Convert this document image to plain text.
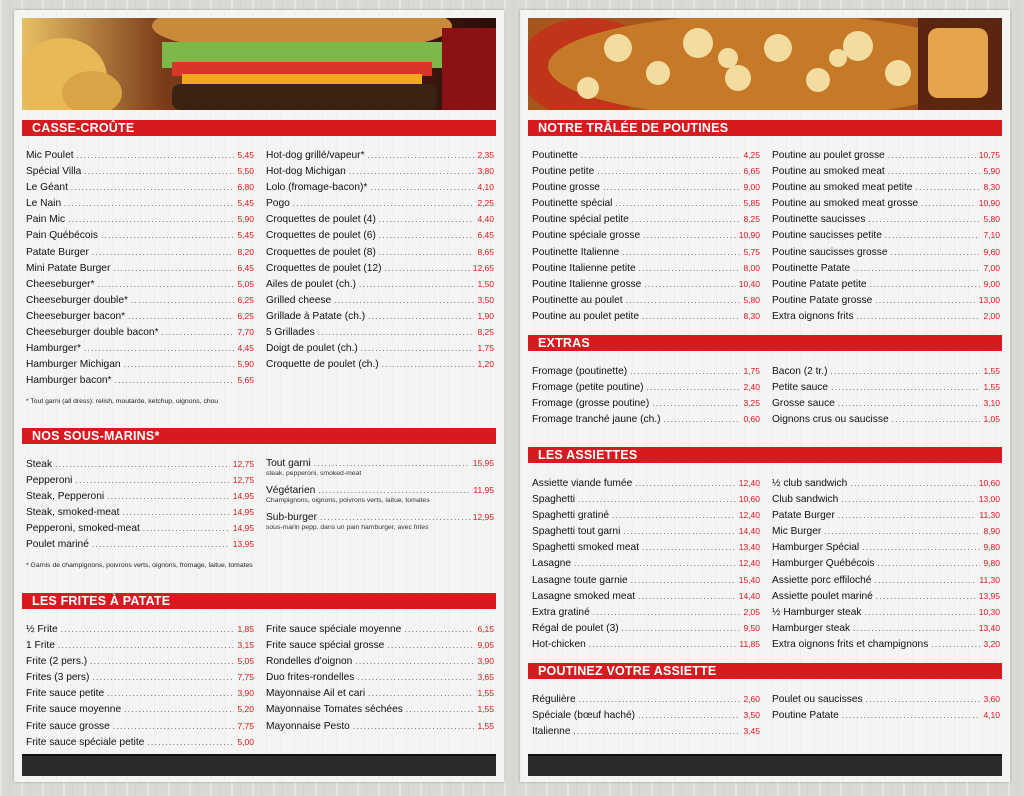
CASSE-CROÛTE
Mic Poulet .....	5,45
Spécial Villa .....	5,50
Le Géant .....	6,80
Le Nain .....	5,45
Pain Mic .....	5,90
Pain Québécois .....	5,45
Patate Burger .....	8,20
Mini Patate Burger .....	6,45
Cheeseburger* .....	5,05
Cheeseburger double* .....	6,25
Cheeseburger bacon* .....	6,25
Cheeseburger double bacon* .....	7,70
Hamburger* .....	4,45
Hamburger Michigan .....	5,90
Hamburger bacon* .....	5,65
Hot-dog grillé/vapeur* .....	2,35
Hot-dog Michigan .....	3,80
Lolo (fromage-bacon)* .....	4,10
Pogo .....	2,25
Croquettes de poulet (4) .....	4,40
Croquettes de poulet (6) .....	6,45
Croquettes de poulet (8) .....	8,65
Croquettes de poulet (12) .....	12,65
Ailes de poulet (ch.) .....	1,50
Grilled cheese .....	3,50
Grillade à Patate (ch.) .....	1,90
5 Grillades .....	8,25
Doigt de poulet (ch.) .....	1,75
Croquette de poulet (ch.) .....	1,20
* Tout garni (all dress): relish, moutarde, ketchup, oignons, chou
NOS SOUS-MARINS*
Steak .....	12,75
Pepperoni .....	12,75
Steak, Pepperoni .....	14,95
Steak, smoked-meat .....	14,95
Pepperoni, smoked-meat .....	14,95
Poulet mariné .....	13,95
Tout garni .....	15,95
steak, pepperoni, smoked-meat
Végétarien .....	11,95
Champignons, oignons, poivrons verts, laitue, tomates
Sub-burger .....	12,95
sous-marin pepp. dans un pain hamburger, avec frites
* Garnis de champignons, poivrons verts, oignons, fromage, laitue, tomates
LES FRITES À PATATE
½ Frite .....	1,85
1 Frite .....	3,15
Frite (2 pers.) .....	5,05
Frites (3 pers) .....	7,75
Frite sauce petite .....	3,90
Frite sauce moyenne .....	5,20
Frite sauce grosse .....	7,75
Frite sauce spéciale petite .....	5,00
Frite sauce spéciale moyenne .....	6,15
Frite sauce spécial grosse .....	9,05
Rondelles d'oignon .....	3,90
Duo frites-rondelles .....	3,65
Mayonnaise Ail et cari .....	1,55
Mayonnaise Tomates séchées .....	1,55
Mayonnaise Pesto .....	1,55
NOTRE TRÂLÉE DE POUTINES
Poutinette .....	4,25
Poutine petite .....	6,65
Poutine grosse .....	9,00
Poutinette spécial .....	5,85
Poutine spécial petite .....	8,25
Poutine spéciale grosse .....	10,90
Poutinette Italienne .....	5,75
Poutine Italienne petite .....	8,00
Poutine Italienne grosse .....	10,40
Poutinette au poulet .....	5,80
Poutine au poulet petite .....	8,30
Poutine au poulet grosse .....	10,75
Poutine au smoked meat .....	5,90
Poutine au smoked meat petite .....	8,30
Poutine au smoked meat grosse .....	10,90
Poutinette saucisses .....	5,80
Poutine saucisses petite .....	7,10
Poutine saucisses grosse .....	9,60
Poutinette Patate .....	7,00
Poutine Patate petite .....	9,00
Poutine Patate grosse .....	13,00
Extra oignons frits .....	2,00
EXTRAS
Fromage (poutinette) .....	1,75
Fromage (petite poutine) .....	2,40
Fromage (grosse poutine) .....	3,25
Fromage tranché jaune (ch.) .....	0,60
Bacon (2 tr.) .....	1,55
Petite sauce .....	1,55
Grosse sauce .....	3,10
Oignons crus ou saucisse .....	1,05
LES ASSIETTES
Assiette viande fumée .....	12,40
Spaghetti .....	10,60
Spaghetti gratiné .....	12,40
Spaghetti tout garni .....	14,40
Spaghetti smoked meat .....	13,40
Lasagne .....	12,40
Lasagne toute garnie .....	15,40
Lasagne smoked meat .....	14,40
Extra gratiné .....	2,05
Régal de poulet (3) .....	9,50
Hot-chicken .....	11,85
½ club sandwich .....	10,60
Club sandwich .....	13,00
Patate Burger .....	11,30
Mic Burger .....	8,90
Hamburger Spécial .....	9,80
Hamburger Québécois .....	9,80
Assiette porc effiloché .....	11,30
Assiette poulet mariné .....	13,95
½ Hamburger steak .....	10,30
Hamburger steak .....	13,40
Extra oignons frits et champignons .....	3,20
POUTINEZ VOTRE ASSIETTE
Régulière .....	2,60
Spéciale (bœuf haché) .....	3,50
Italienne .....	3,45
Poulet ou saucisses .....	3,60
Poutine Patate .....	4,10
